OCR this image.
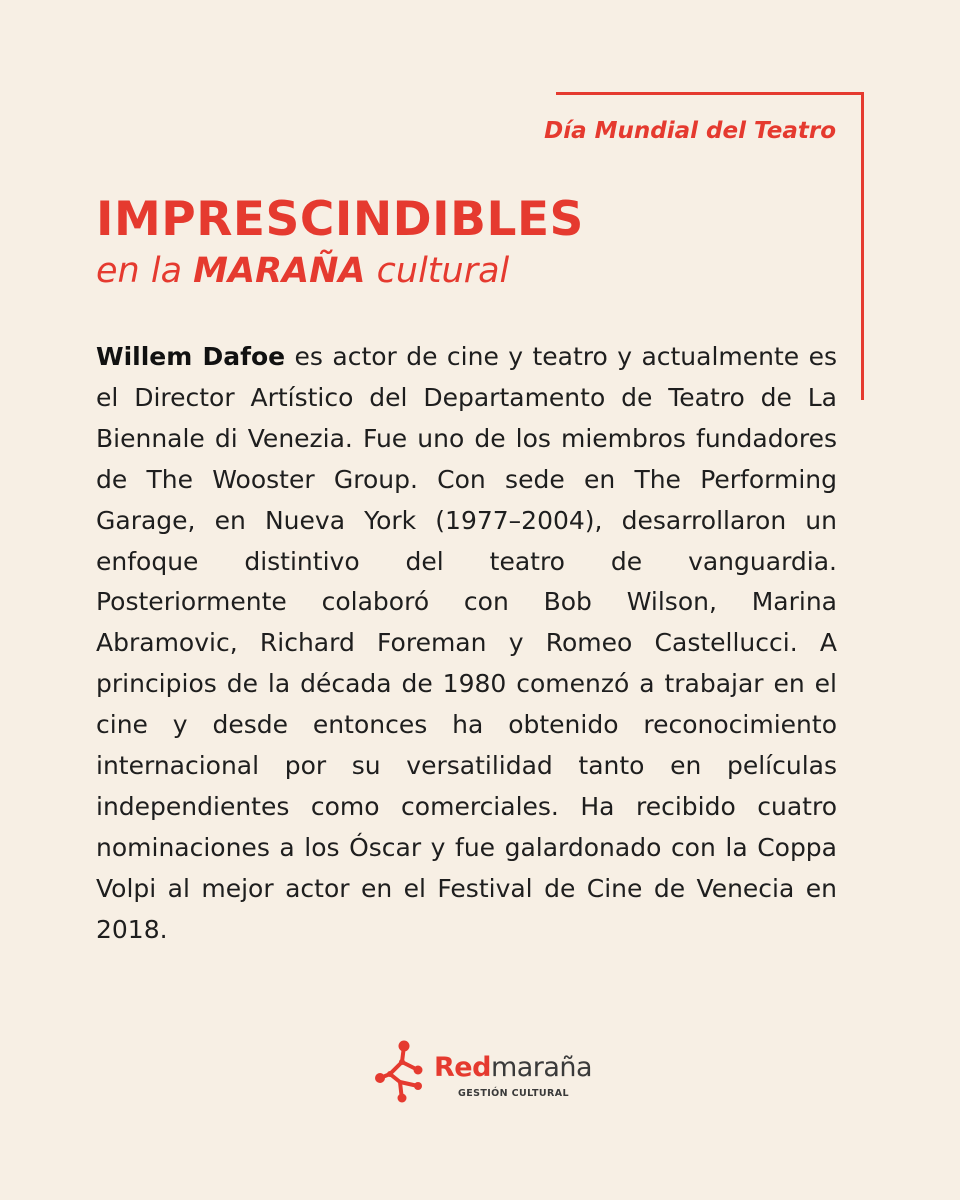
Día Mundial del Teatro
IMPRESCINDIBLES
en la MARAÑA cultural

Willem Dafoe es actor de cine y teatro y actualmente es el Director Artístico del Departamento de Teatro de La Biennale di Venezia. Fue uno de los miembros fundadores de The Wooster Group. Con sede en The Performing Garage, en Nueva York (1977–2004), desarrollaron un enfoque distintivo del teatro de vanguardia. Posteriormente colaboró con Bob Wilson, Marina Abramovic, Richard Foreman y Romeo Castellucci. A principios de la década de 1980 comenzó a trabajar en el cine y desde entonces ha obtenido reconocimiento internacional por su versatilidad tanto en películas independientes como comerciales. Ha recibido cuatro nominaciones a los Óscar y fue galardonado con la Coppa Volpi al mejor actor en el Festival de Cine de Venecia en 2018.

Redmaraña
GESTIÓN CULTURAL
